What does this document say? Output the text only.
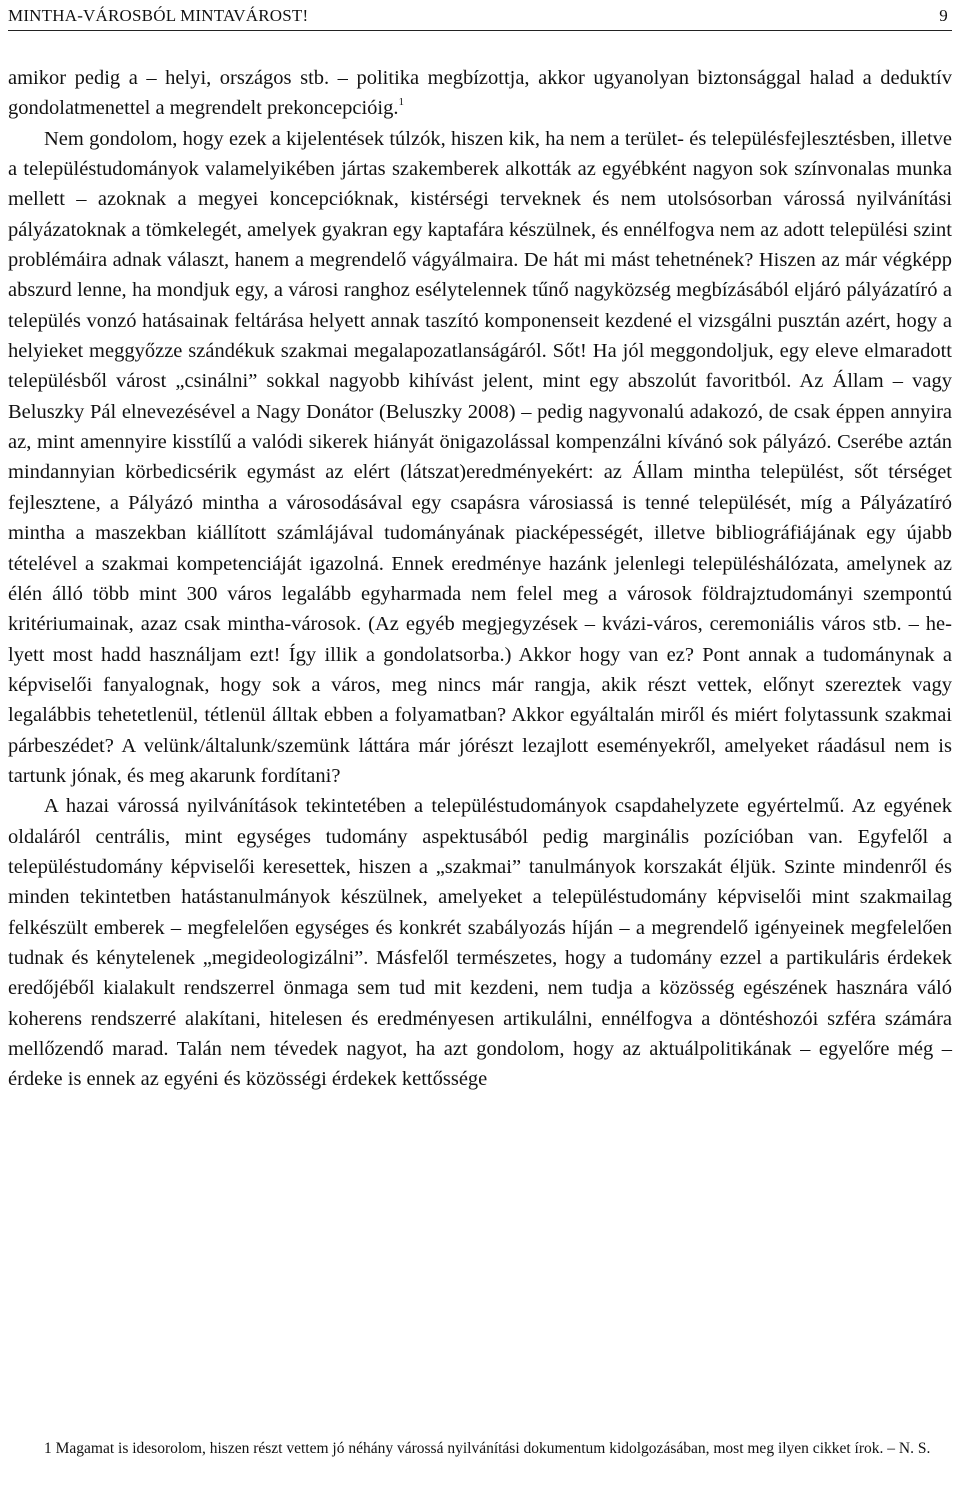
MINTHA-VÁROSBÓL MINTAVÁROST!	9

amikor pedig a – helyi, országos stb. – politika megbízottja, akkor ugyanolyan biztonsággal halad a deduktív gondolatmenettel a megrendelt prekoncepcióig.$^1$

Nem gondolom, hogy ezek a kijelentések túlzók, hiszen kik, ha nem a terület- és településfejlesztésben, illetve a településtudományok valamelyikében jártas szakemberek alkották az egyébként nagyon sok színvonalas munka mellett – azoknak a megyei koncepcióknak, kistérségi terveknek és nem utolsósorban várossá nyilvánítási pályázatoknak a tömkelegét, amelyek gyakran egy kaptafára készülnek, és ennélfogva nem az adott települési szint problémáira adnak választ, hanem a megrendelő vágyálmaira. De hát mi mást tehetnének? Hiszen az már végképp abszurd lenne, ha mondjuk egy, a városi ranghoz esélytelennek tűnő nagyközség megbízásából eljáró pályázatíró a település vonzó hatásainak feltárása helyett annak taszító komponenseit kezdené el vizsgálni pusztán azért, hogy a helyieket meggyőzze szándékuk szakmai megalapozatlanságáról. Sőt! Ha jól meggondoljuk, egy eleve elmaradott településből várost „csinálni” sokkal nagyobb kihívást jelent, mint egy abszolút favoritból. Az Állam – vagy Beluszky Pál elnevezésével a Nagy Donátor (Beluszky 2008) – pedig nagyvonalú adakozó, de csak éppen annyira az, mint amennyire kisstílű a valódi sikerek hiányát önigazolással kompenzálni kívánó sok pályázó. Cserébe aztán mindannyian körbedicsérik egymást az elért (látszat)eredményekért: az Állam mintha települést, sőt térséget fejlesztene, a Pályázó mintha a városodásával egy csapásra városiassá is tenné települését, míg a Pályázatíró mintha a maszekban kiállított számlájával tudományának piacképességét, illetve bibliográfiájának egy újabb tételével a szakmai kompetenciáját igazolná. Ennek eredménye hazánk jelenlegi településhálózata, amelynek az élén álló több mint 300 város legalább egyharmada nem felel meg a városok földrajztudományi szempontú kritériumainak, azaz csak mintha-városok. (Az egyéb megjegyzések – kvázi-város, ceremoniális város stb. – helyett most hadd használjam ezt! Így illik a gondolatsorba.) Akkor hogy van ez? Pont annak a tudománynak a képviselői fanyalognak, hogy sok a város, meg nincs már rangja, akik részt vettek, előnyt szereztek vagy legalábbis tehetetlenül, tétlenül álltak ebben a folyamatban? Akkor egyáltalán miről és miért folytassunk szakmai párbeszédet? A velünk/általunk/szemünk láttára már jórészt lezajlott eseményekről, amelyeket ráadásul nem is tartunk jónak, és meg akarunk fordítani?

A hazai várossá nyilvánítások tekintetében a településtudományok csapdahelyzete egyértelmű. Az egyének oldaláról centrális, mint egységes tudomány aspektusából pedig marginális pozícióban van. Egyfelől a településtudomány képviselői keresettek, hiszen a „szakmai” tanulmányok korszakát éljük. Szinte mindenről és minden tekintetben hatástanulmányok készülnek, amelyeket a településtudomány képviselői mint szakmailag felkészült emberek – megfelelően egységes és konkrét szabályozás híján – a megrendelő igényeinek megfelelően tudnak és kénytelenek „megideologizálni”. Másfelől természetes, hogy a tudomány ezzel a partikuláris érdekek eredőjéből kialakult rendszerrel önmaga sem tud mit kezdeni, nem tudja a közösség egészének hasznára váló koherens rendszerré alakítani, hitelesen és eredményesen artikulálni, ennélfogva a döntéshozói szféra számára mellőzendő marad. Talán nem tévedek nagyot, ha azt gondolom, hogy az aktuálpolitikának – egyelőre még – érdeke is ennek az egyéni és közösségi érdekek kettőssége

1 Magamat is idesorolom, hiszen részt vettem jó néhány várossá nyilvánítási dokumentum kidolgozásában, most meg ilyen cikket írok. – N. S.
